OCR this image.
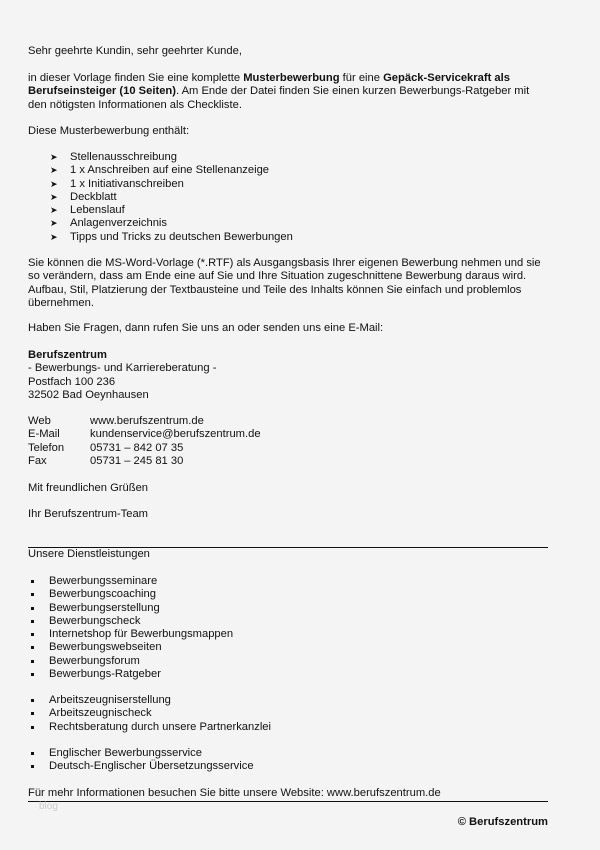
Sehr geehrte Kundin, sehr geehrter Kunde,
in dieser Vorlage finden Sie eine komplette Musterbewerbung für eine Gepäck-Servicekraft als Berufseinsteiger (10 Seiten). Am Ende der Datei finden Sie einen kurzen Bewerbungs-Ratgeber mit den nötigsten Informationen als Checkliste.
Diese Musterbewerbung enthält:
➤ Stellenausschreibung
➤ 1 x Anschreiben auf eine Stellenanzeige
➤ 1 x Initiativanschreiben
➤ Deckblatt
➤ Lebenslauf
➤ Anlagenverzeichnis
➤ Tipps und Tricks zu deutschen Bewerbungen
Sie können die MS-Word-Vorlage (*.RTF) als Ausgangsbasis Ihrer eigenen Bewerbung nehmen und sie so verändern, dass am Ende eine auf Sie und Ihre Situation zugeschnittene Bewerbung daraus wird. Aufbau, Stil, Platzierung der Textbausteine und Teile des Inhalts können Sie einfach und problemlos übernehmen.
Haben Sie Fragen, dann rufen Sie uns an oder senden uns eine E-Mail:
Berufszentrum
- Bewerbungs- und Karriereberatung -
Postfach 100 236
32502 Bad Oeynhausen
Web	www.berufszentrum.de
E-Mail	kundenservice@berufszentrum.de
Telefon 05731 – 842 07 35
Fax	05731 – 245 81 30
Mit freundlichen Grüßen
Ihr Berufszentrum-Team
Unsere Dienstleistungen
Bewerbungsseminare
Bewerbungscoaching
Bewerbungserstellung
Bewerbungscheck
Internetshop für Bewerbungsmappen
Bewerbungswebseiten
Bewerbungsforum
Bewerbungs-Ratgeber
Arbeitszeugniserstellung
Arbeitszeugnischeck
Rechtsberatung durch unsere Partnerkanzlei
Englischer Bewerbungsservice
Deutsch-Englischer Übersetzungsservice
Für mehr Informationen besuchen Sie bitte unsere Website: www.berufszentrum.de
blog
© Berufszentrum
